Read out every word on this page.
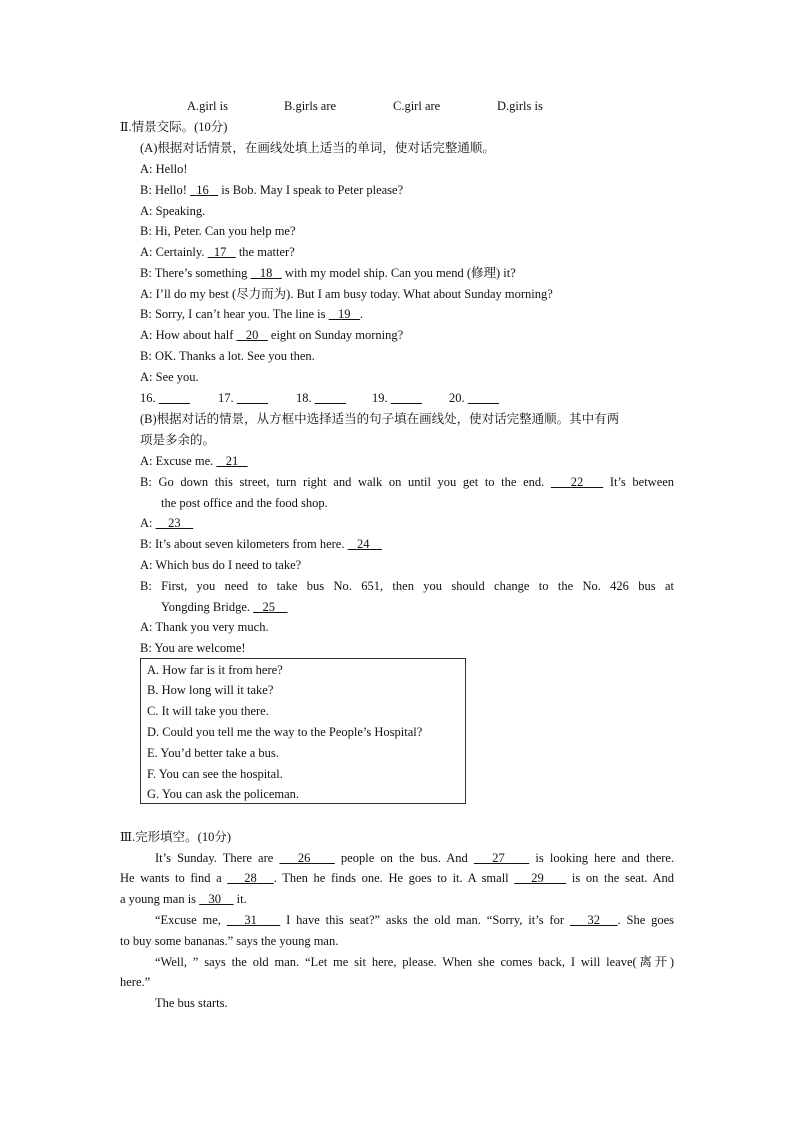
A.girl is	B.girls are	C.girl are	D.girls is
Ⅱ.情景交际。(10分)
(A)根据对话情景，在画线处填上适当的单词，使对话完整通顺。
A: Hello!
B: Hello! 16 is Bob. May I speak to Peter please?
A: Speaking.
B: Hi, Peter. Can you help me?
A: Certainly. 17 the matter?
B: There’s something 18 with my model ship. Can you mend (修理) it?
A: I’ll do my best (尽力而为). But I am busy today. What about Sunday morning?
B: Sorry, I can’t hear you. The line is 19 .
A: How about half 20 eight on Sunday morning?
B: OK. Thanks a lot. See you then.
A: See you.
16.	17.	18.	19.	20.
(B)根据对话的情景，从方框中选择适当的句子填在画线处，使对话完整通顺。其中有两
项是多余的。
A: Excuse me. 21
B: Go down this street, turn right and walk on until you get to the end. 22 It’s between
the post office and the food shop.
A: 23
B: It’s about seven kilometers from here. 24
A: Which bus do I need to take?
B: First, you need to take bus No. 651, then you should change to the No. 426 bus at
Yongding Bridge. 25
A: Thank you very much.
B: You are welcome!
A. How far is it from here?
B. How long will it take?
C. It will take you there.
D. Could you tell me the way to the People’s Hospital?
E. You’d better take a bus.
F. You can see the hospital.
G. You can ask the policeman.
Ⅲ.完形填空。(10分)
It’s Sunday. There are 26 people on the bus. And 27 is looking here and there.
He wants to find a 28 . Then he finds one. He goes to it. A small 29 is on the seat. And
a young man is 30 it.
“Excuse me, 31 I have this seat?” asks the old man. “Sorry, it’s for 32 . She goes
to buy some bananas.” says the young man.
“Well, ” says the old man. “Let me sit here, please. When she comes back, I will leave(离开)
here.”
The bus starts.
